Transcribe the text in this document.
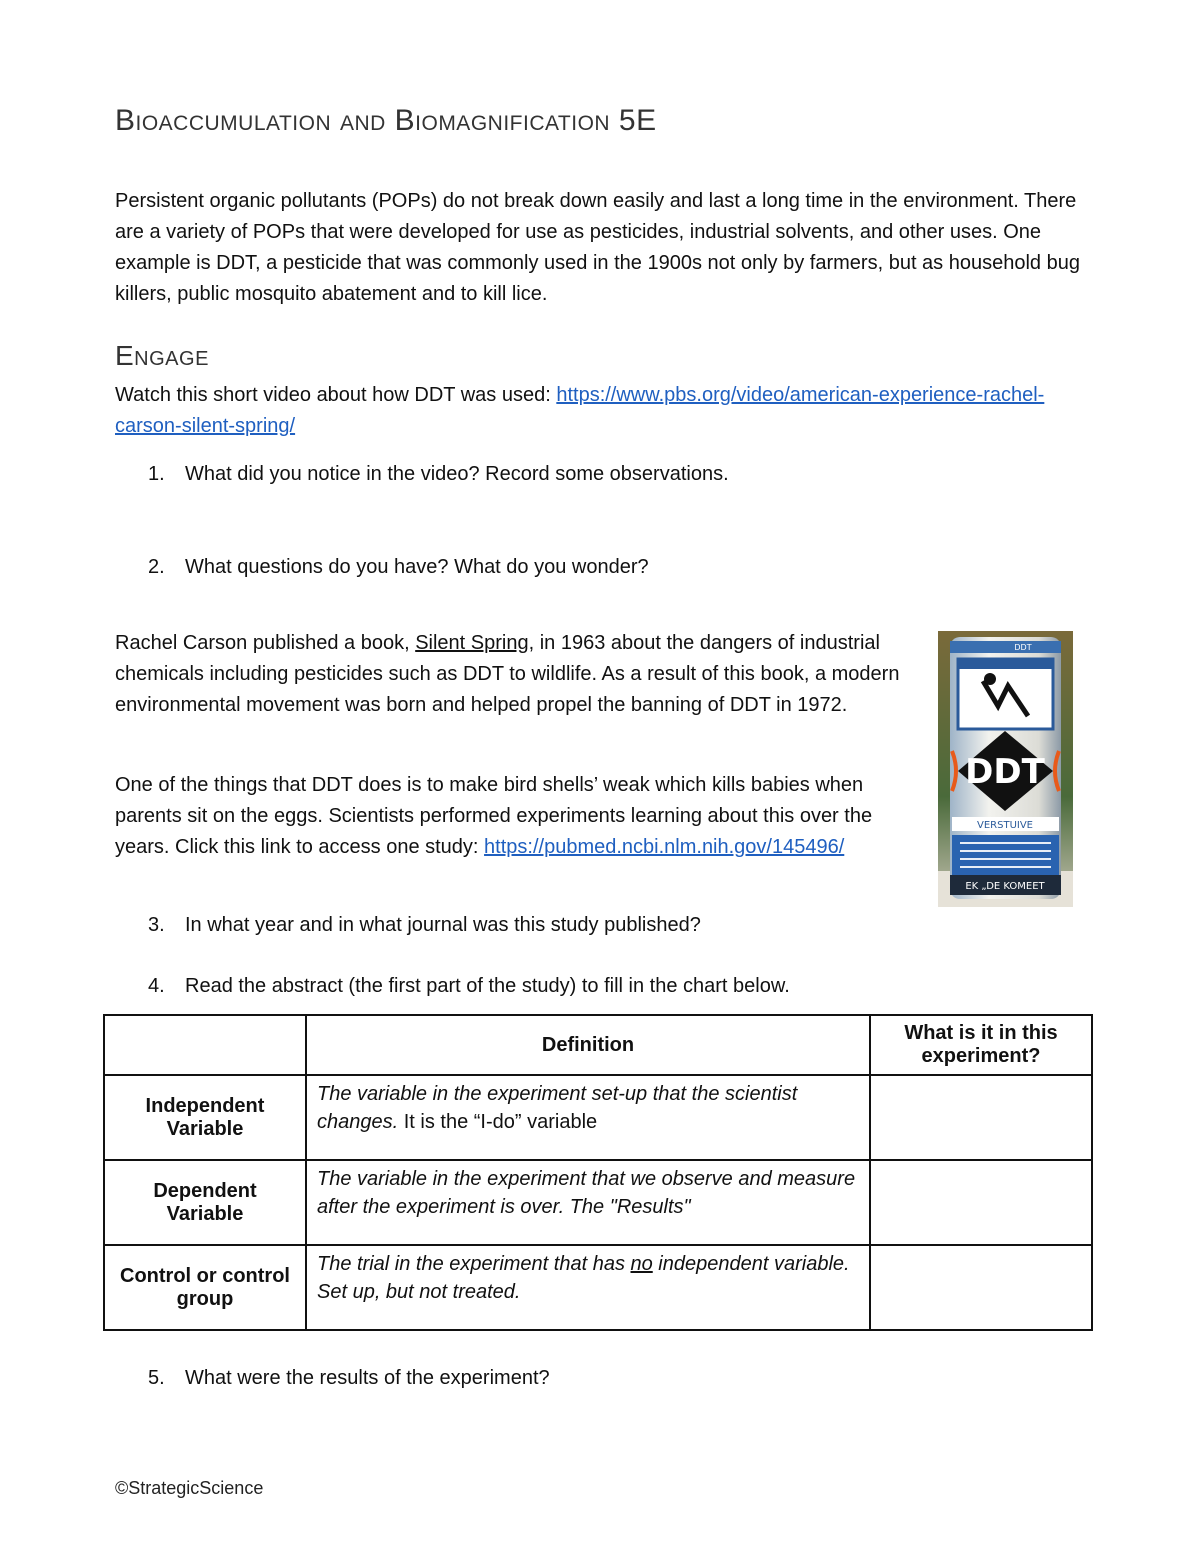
Bioaccumulation and Biomagnification 5E
Persistent organic pollutants (POPs) do not break down easily and last a long time in the environment. There are a variety of POPs that were developed for use as pesticides, industrial solvents, and other uses. One example is DDT, a pesticide that was commonly used in the 1900s not only by farmers, but as household bug killers, public mosquito abatement and to kill lice.
Engage
Watch this short video about how DDT was used: https://www.pbs.org/video/american-experience-rachel-carson-silent-spring/
1. What did you notice in the video? Record some observations.
2. What questions do you have? What do you wonder?
Rachel Carson published a book, Silent Spring, in 1963 about the dangers of industrial chemicals including pesticides such as DDT to wildlife. As a result of this book, a modern environmental movement was born and helped propel the banning of DDT in 1972.
One of the things that DDT does is to make bird shells’ weak which kills babies when parents sit on the eggs. Scientists performed experiments learning about this over the years. Click this link to access one study: https://pubmed.ncbi.nlm.nih.gov/145496/
DDT
VERSTUIVE
EK „DE KOMEET
DDT
3. In what year and in what journal was this study published?
4. Read the abstract (the first part of the study) to fill in the chart below.
	Definition	What is it in this experiment?
Independent Variable	The variable in the experiment set-up that the scientist changes. It is the “I-do” variable	
Dependent Variable	The variable in the experiment that we observe and measure after the experiment is over. The "Results"	
Control or control group	The trial in the experiment that has no independent variable. Set up, but not treated.	
5. What were the results of the experiment?
©StrategicScience
